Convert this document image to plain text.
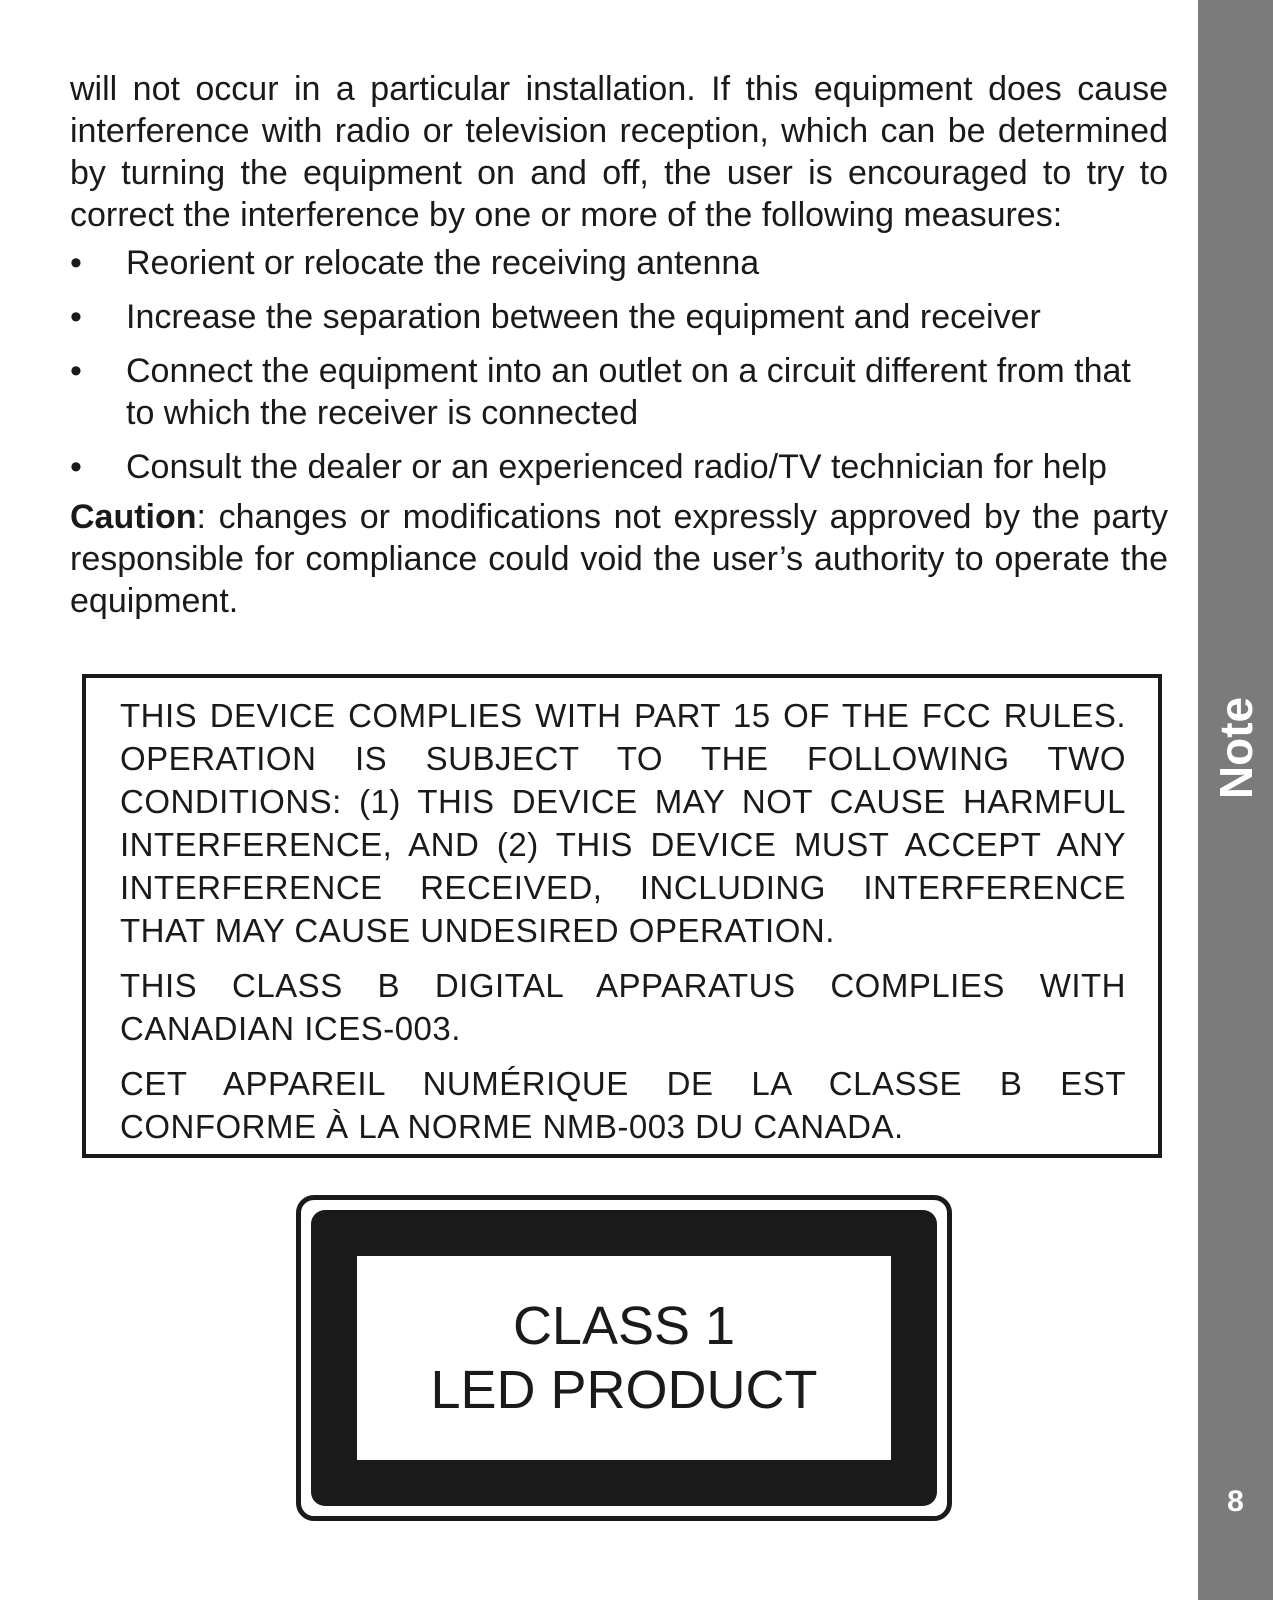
will not occur in a particular installation. If this equipment does cause interference with radio or television reception, which can be determined by turning the equipment on and off, the user is encouraged to try to correct the interference by one or more of the following measures:

• Reorient or relocate the receiving antenna
• Increase the separation between the equipment and receiver
• Connect the equipment into an outlet on a circuit different from that to which the receiver is connected
• Consult the dealer or an experienced radio/TV technician for help

Caution: changes or modifications not expressly approved by the party responsible for compliance could void the user’s authority to operate the equipment.

THIS DEVICE COMPLIES WITH PART 15 OF THE FCC RULES. OPERATION IS SUBJECT TO THE FOLLOWING TWO CONDITIONS: (1) THIS DEVICE MAY NOT CAUSE HARMFUL INTERFERENCE, AND (2) THIS DEVICE MUST ACCEPT ANY INTERFERENCE RECEIVED, INCLUDING INTERFERENCE THAT MAY CAUSE UNDESIRED OPERATION.

THIS CLASS B DIGITAL APPARATUS COMPLIES WITH CANADIAN ICES-003.

CET APPAREIL NUMÉRIQUE DE LA CLASSE B EST CONFORME À LA NORME NMB-003 DU CANADA.

CLASS 1
LED PRODUCT
Note
8
